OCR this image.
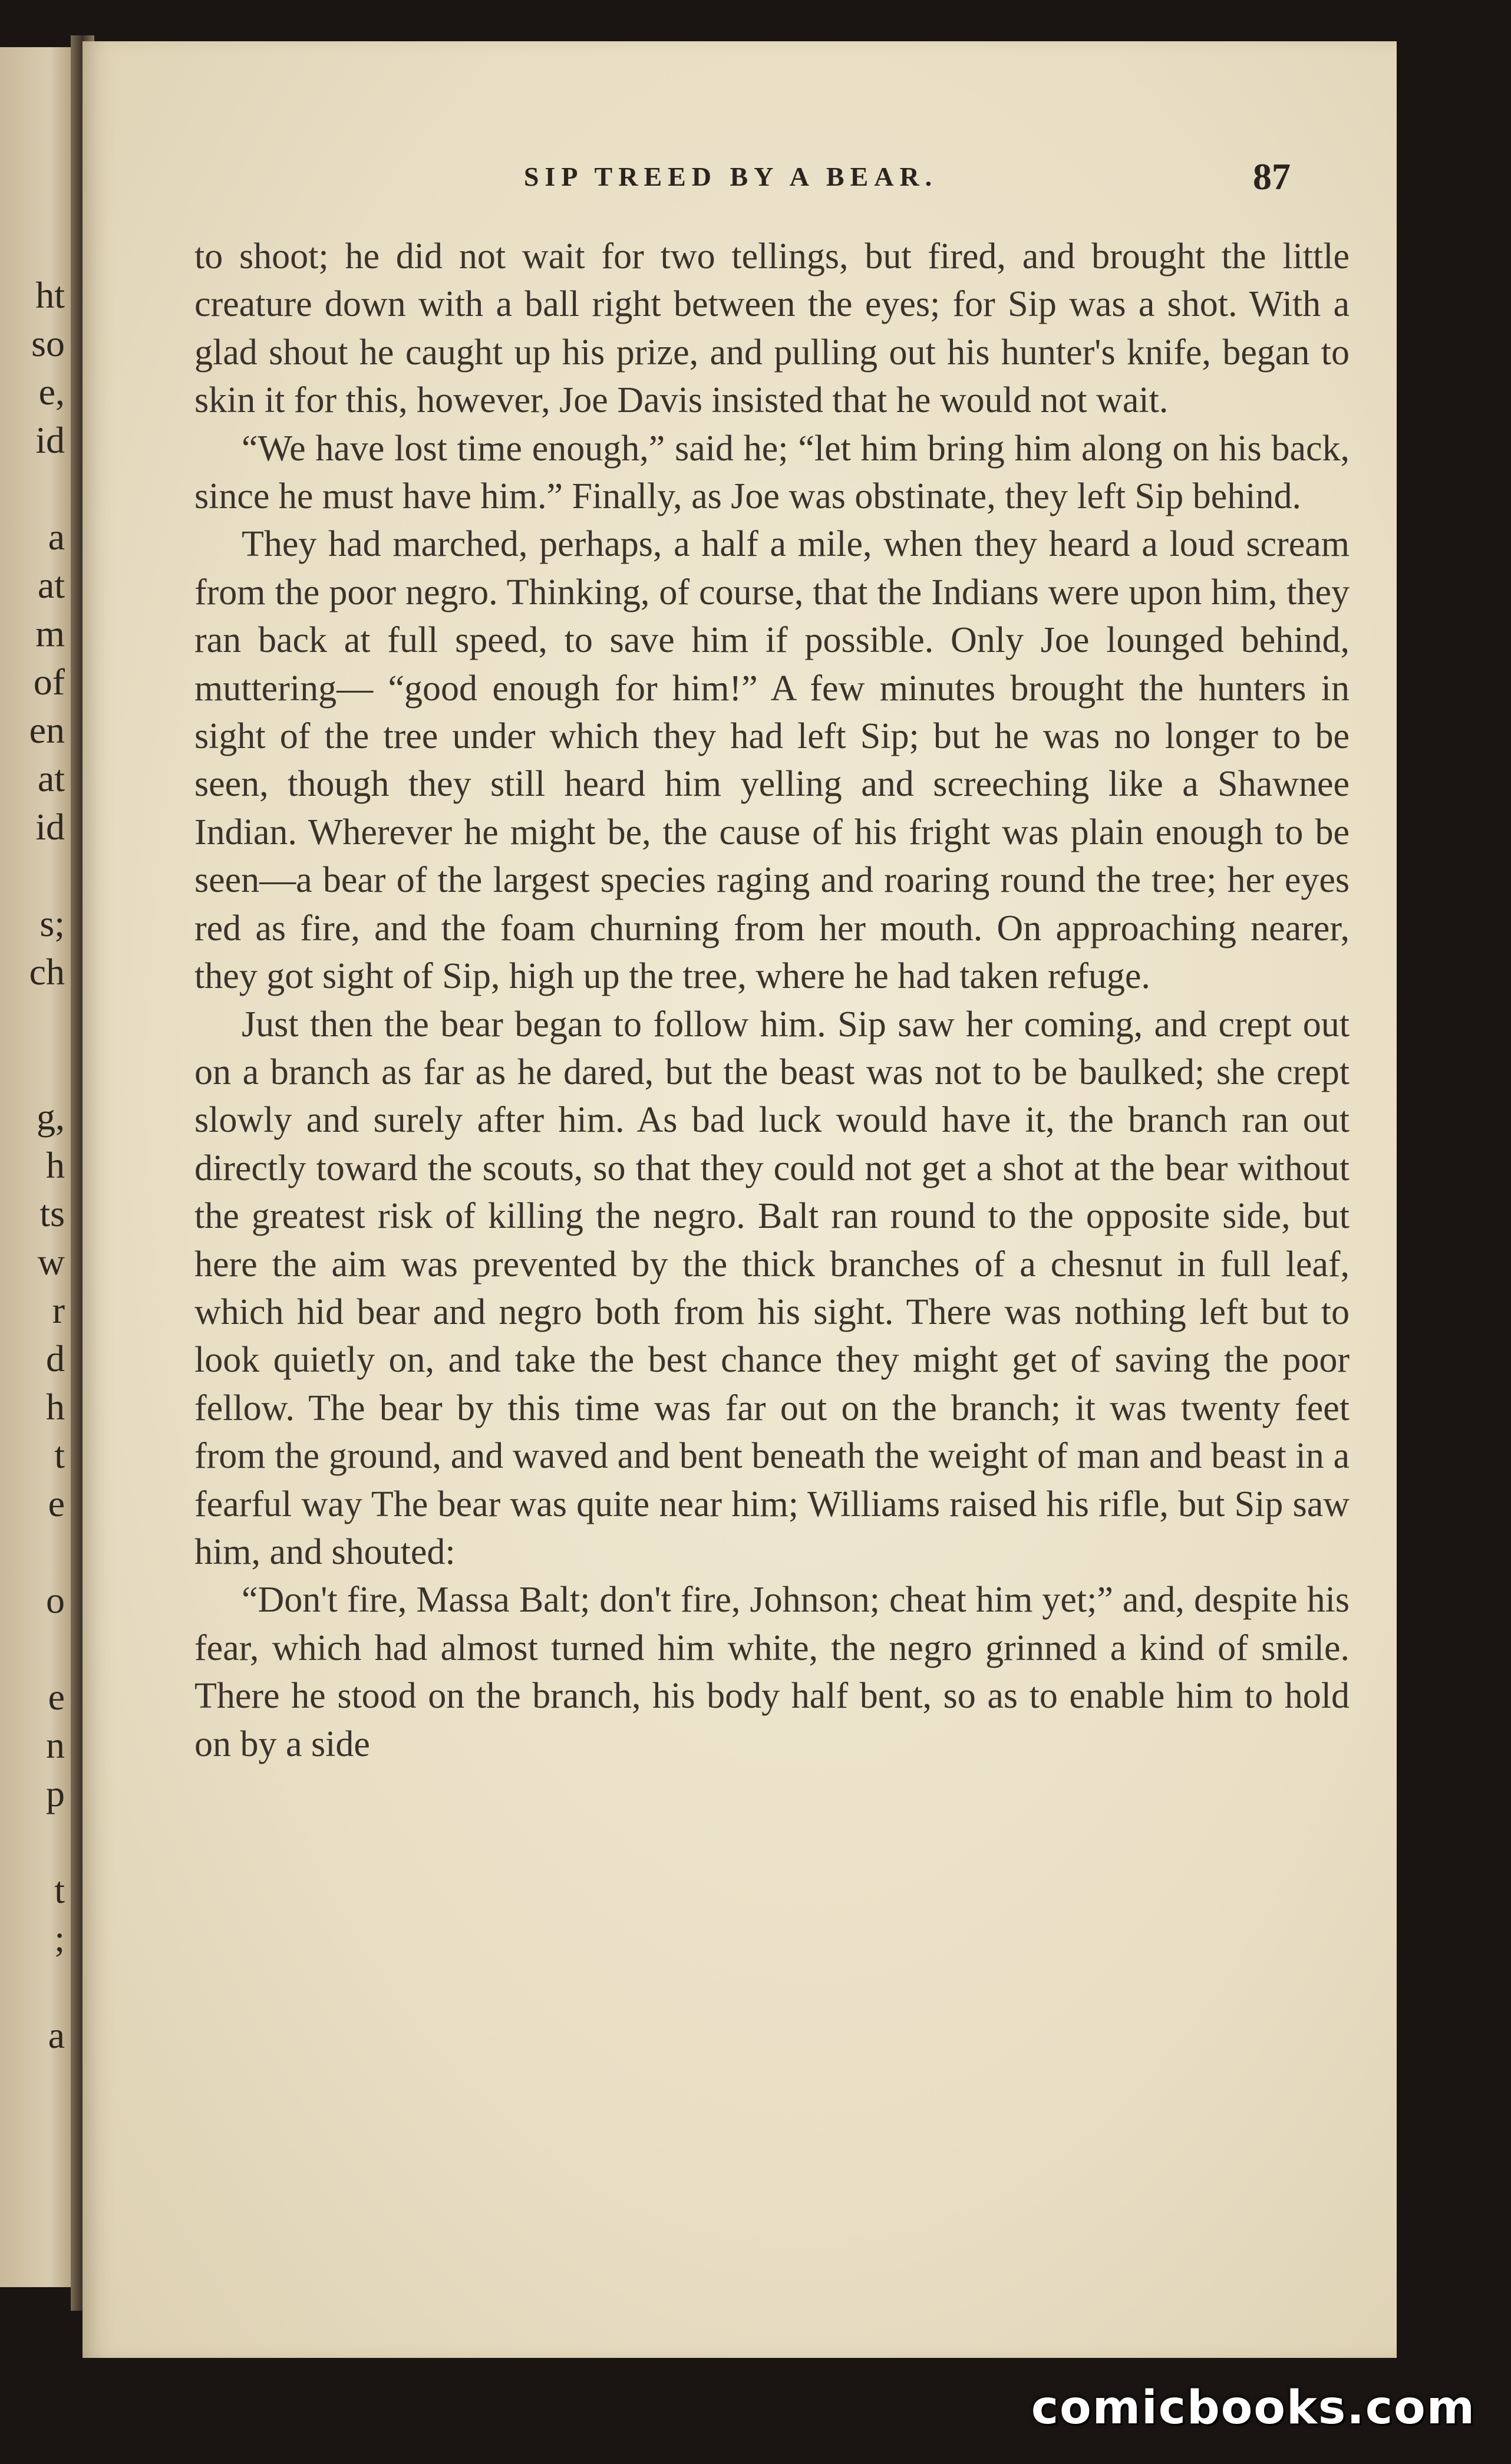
ht
so
e,
id
a
at
m
of
en
at
id
s;
ch
g,
h
ts
w
r
d
h
t
e
o
e
n
p
t
;
a
SIP TREED BY A BEAR.	87

to shoot; he did not wait for two tellings, but fired, and brought the little creature down with a ball right between the eyes; for Sip was a shot. With a glad shout he caught up his prize, and pulling out his hunter's knife, began to skin it for this, however, Joe Davis insisted that he would not wait.

“We have lost time enough,” said he; “let him bring him along on his back, since he must have him.” Finally, as Joe was obstinate, they left Sip behind.

They had marched, perhaps, a half a mile, when they heard a loud scream from the poor negro. Thinking, of course, that the Indians were upon him, they ran back at full speed, to save him if possible. Only Joe lounged behind, muttering— “good enough for him!” A few minutes brought the hunters in sight of the tree under which they had left Sip; but he was no longer to be seen, though they still heard him yelling and screeching like a Shawnee Indian. Wherever he might be, the cause of his fright was plain enough to be seen—a bear of the largest species raging and roaring round the tree; her eyes red as fire, and the foam churning from her mouth. On approaching nearer, they got sight of Sip, high up the tree, where he had taken refuge.

Just then the bear began to follow him. Sip saw her coming, and crept out on a branch as far as he dared, but the beast was not to be baulked; she crept slowly and surely after him. As bad luck would have it, the branch ran out directly toward the scouts, so that they could not get a shot at the bear without the greatest risk of killing the negro. Balt ran round to the opposite side, but here the aim was prevented by the thick branches of a chesnut in full leaf, which hid bear and negro both from his sight. There was nothing left but to look quietly on, and take the best chance they might get of saving the poor fellow. The bear by this time was far out on the branch; it was twenty feet from the ground, and waved and bent beneath the weight of man and beast in a fearful way The bear was quite near him; Williams raised his rifle, but Sip saw him, and shouted:

“Don't fire, Massa Balt; don't fire, Johnson; cheat him yet;” and, despite his fear, which had almost turned him white, the negro grinned a kind of smile. There he stood on the branch, his body half bent, so as to enable him to hold on by a side

comicbooks.com
